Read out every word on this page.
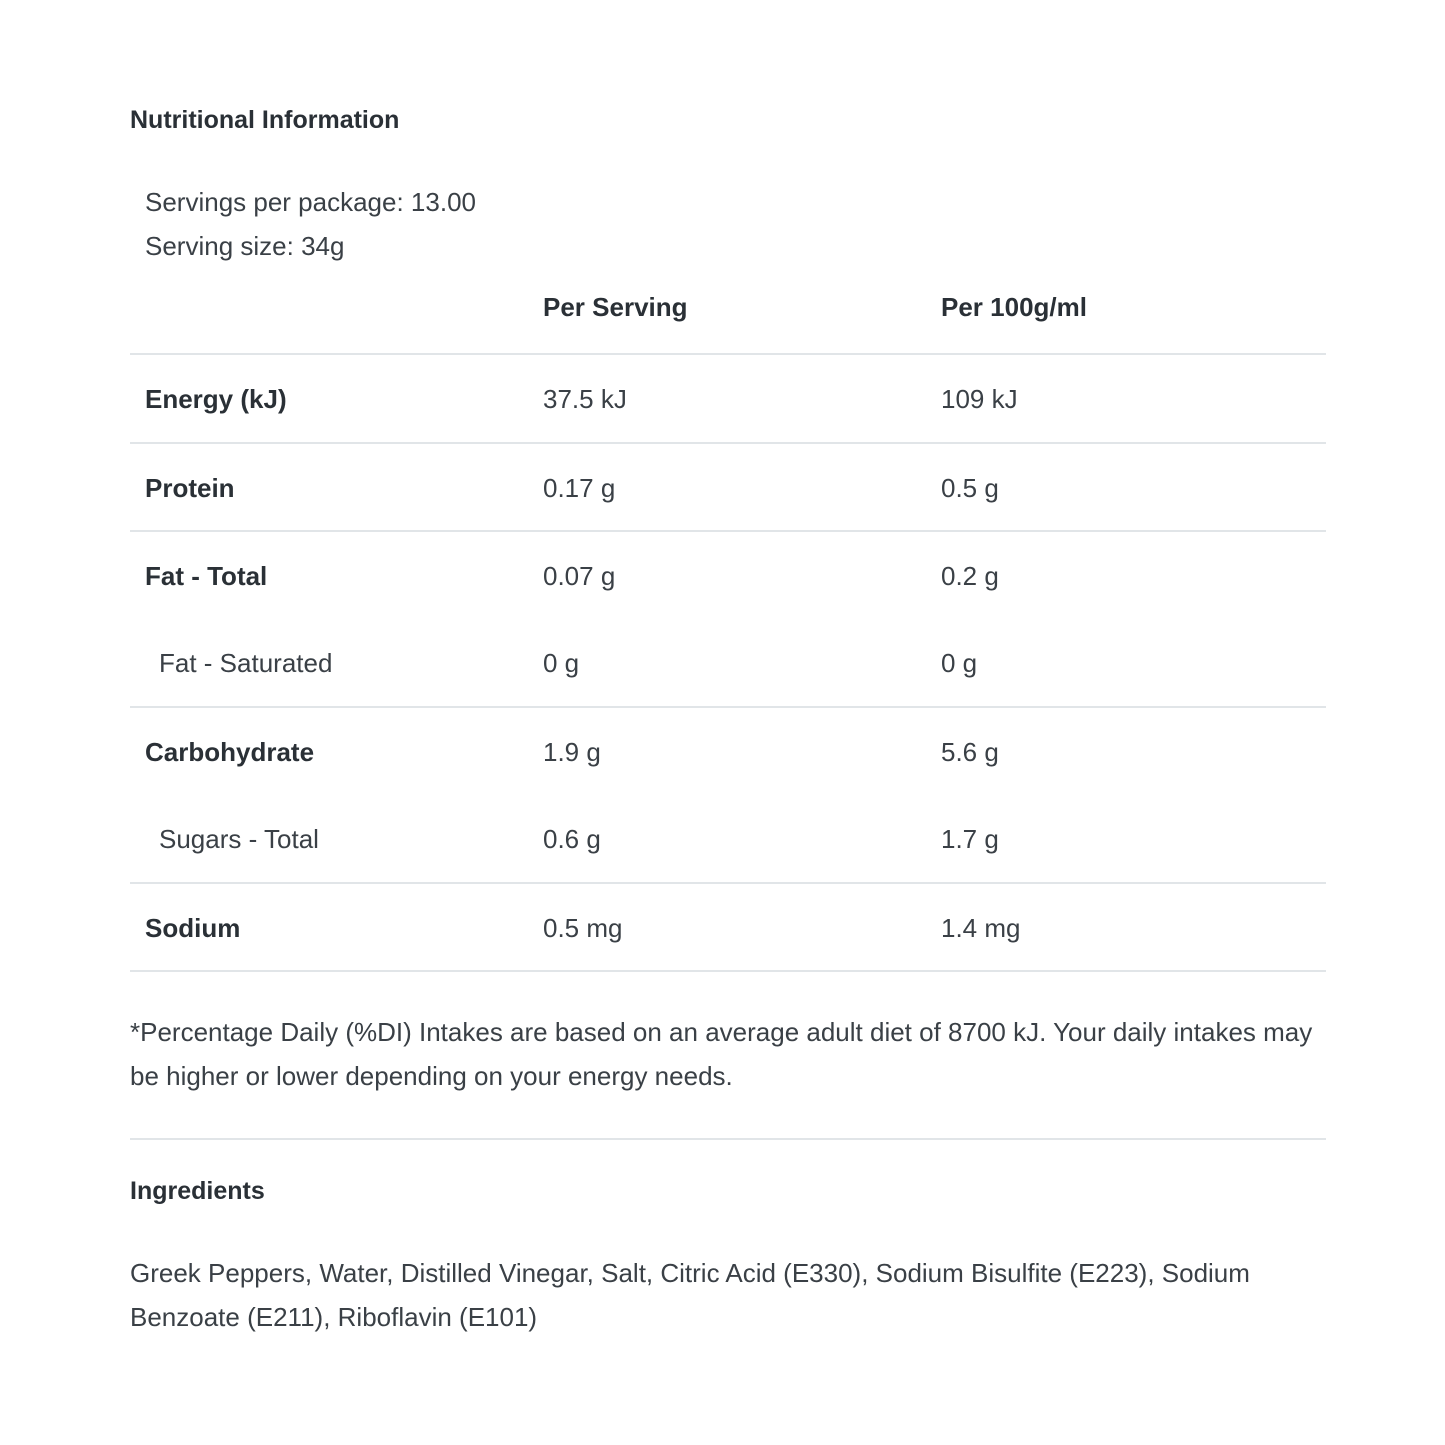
Nutritional Information
Servings per package: 13.00
Serving size: 34g
Per Serving	Per 100g/ml
Energy (kJ)	37.5 kJ	109 kJ
Protein	0.17 g	0.5 g
Fat - Total	0.07 g	0.2 g
Fat - Saturated	0 g	0 g
Carbohydrate	1.9 g	5.6 g
Sugars - Total	0.6 g	1.7 g
Sodium	0.5 mg	1.4 mg
*Percentage Daily (%DI) Intakes are based on an average adult diet of 8700 kJ. Your daily intakes may be higher or lower depending on your energy needs.
Ingredients
Greek Peppers, Water, Distilled Vinegar, Salt, Citric Acid (E330), Sodium Bisulfite (E223), Sodium Benzoate (E211), Riboflavin (E101)
